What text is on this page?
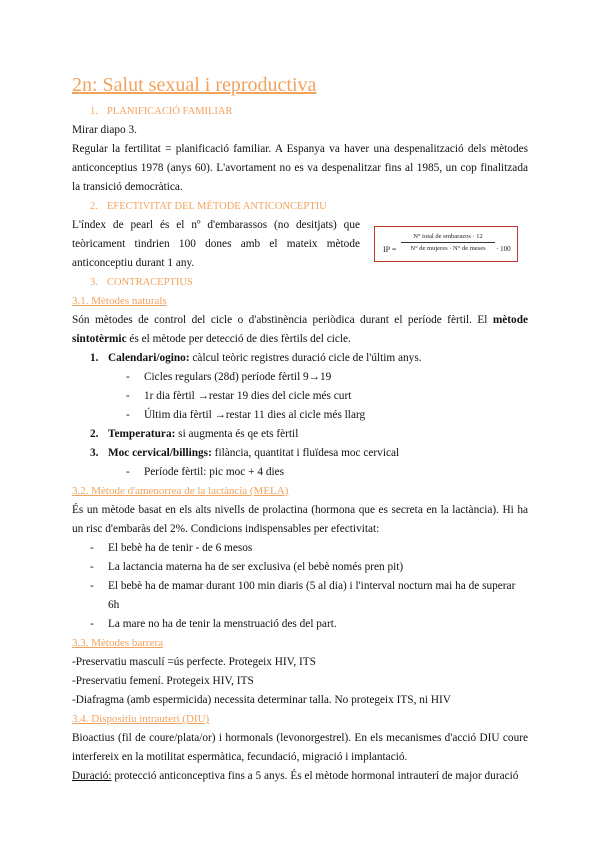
2n: Salut sexual i reproductiva
1. PLANIFICACIÓ FAMILIAR

Mirar diapo 3.

Regular la fertilitat = planificació familiar. A Espanya va haver una despenalització dels mètodes anticonceptius 1978 (anys 60). L'avortament no es va despenalitzar fins al 1985, un cop finalitzada la transició democràtica.

2. EFECTIVITAT DEL MÈTODE ANTICONCEPTIU

L'índex de pearl és el nº d'embarassos (no desitjats) que teòricament tindrien 100 dones amb el mateix mètode anticonceptiu durant 1 any.

IP =
N° total de embarazos · 12
N° de mujeres · N° de meses	· 100
3. CONTRACEPTIUS
3.1. Mètodes naturals

Són mètodes de control del cicle o d'abstinència periòdica durant el període fèrtil. El mètode sintotèrmic és el mètode per detecció de dies fèrtils del cicle.

1. Calendari/ogino: càlcul teòric registres duració cicle de l'últim anys.
- Cicles regulars (28d) període fèrtil 9→19
- 1r dia fèrtil →restar 19 dies del cicle més curt
- Últim dia fèrtil →restar 11 dies al cicle més llarg
2. Temperatura: si augmenta és qe ets fèrtil
3. Moc cervical/billings: filància, quantitat i fluïdesa moc cervical
- Període fèrtil: pic moc + 4 dies
3.2. Mètode d'amenorrea de la lactància (MELA)

És un mètode basat en els alts nivells de prolactina (hormona que es secreta en la lactància). Hi ha un risc d'embaràs del 2%. Condicions indispensables per efectivitat:

- El bebè ha de tenir - de 6 mesos
- La lactancia materna ha de ser exclusiva (el bebè només pren pit)
- El bebè ha de mamar durant 100 min diaris (5 al dia) i l'interval nocturn mai ha de superar 6h
- La mare no ha de tenir la menstruació des del part.
3.3. Mètodes barrera

-Preservatiu masculí =ús perfecte. Protegeix HIV, ITS

-Preservatiu femení. Protegeix HIV, ITS

-Diafragma (amb espermicida) necessita determinar talla. No protegeix ITS, ni HIV

3.4. Dispositiu intrauterí (DIU)

Bioactius (fil de coure/plata/or) i hormonals (levonorgestrel). En els mecanismes d'acció DIU coure interfereix en la motilitat espermàtica, fecundació, migració i implantació.

Duració: protecció anticonceptiva fins a 5 anys. És el mètode hormonal intrauterí de major duració
